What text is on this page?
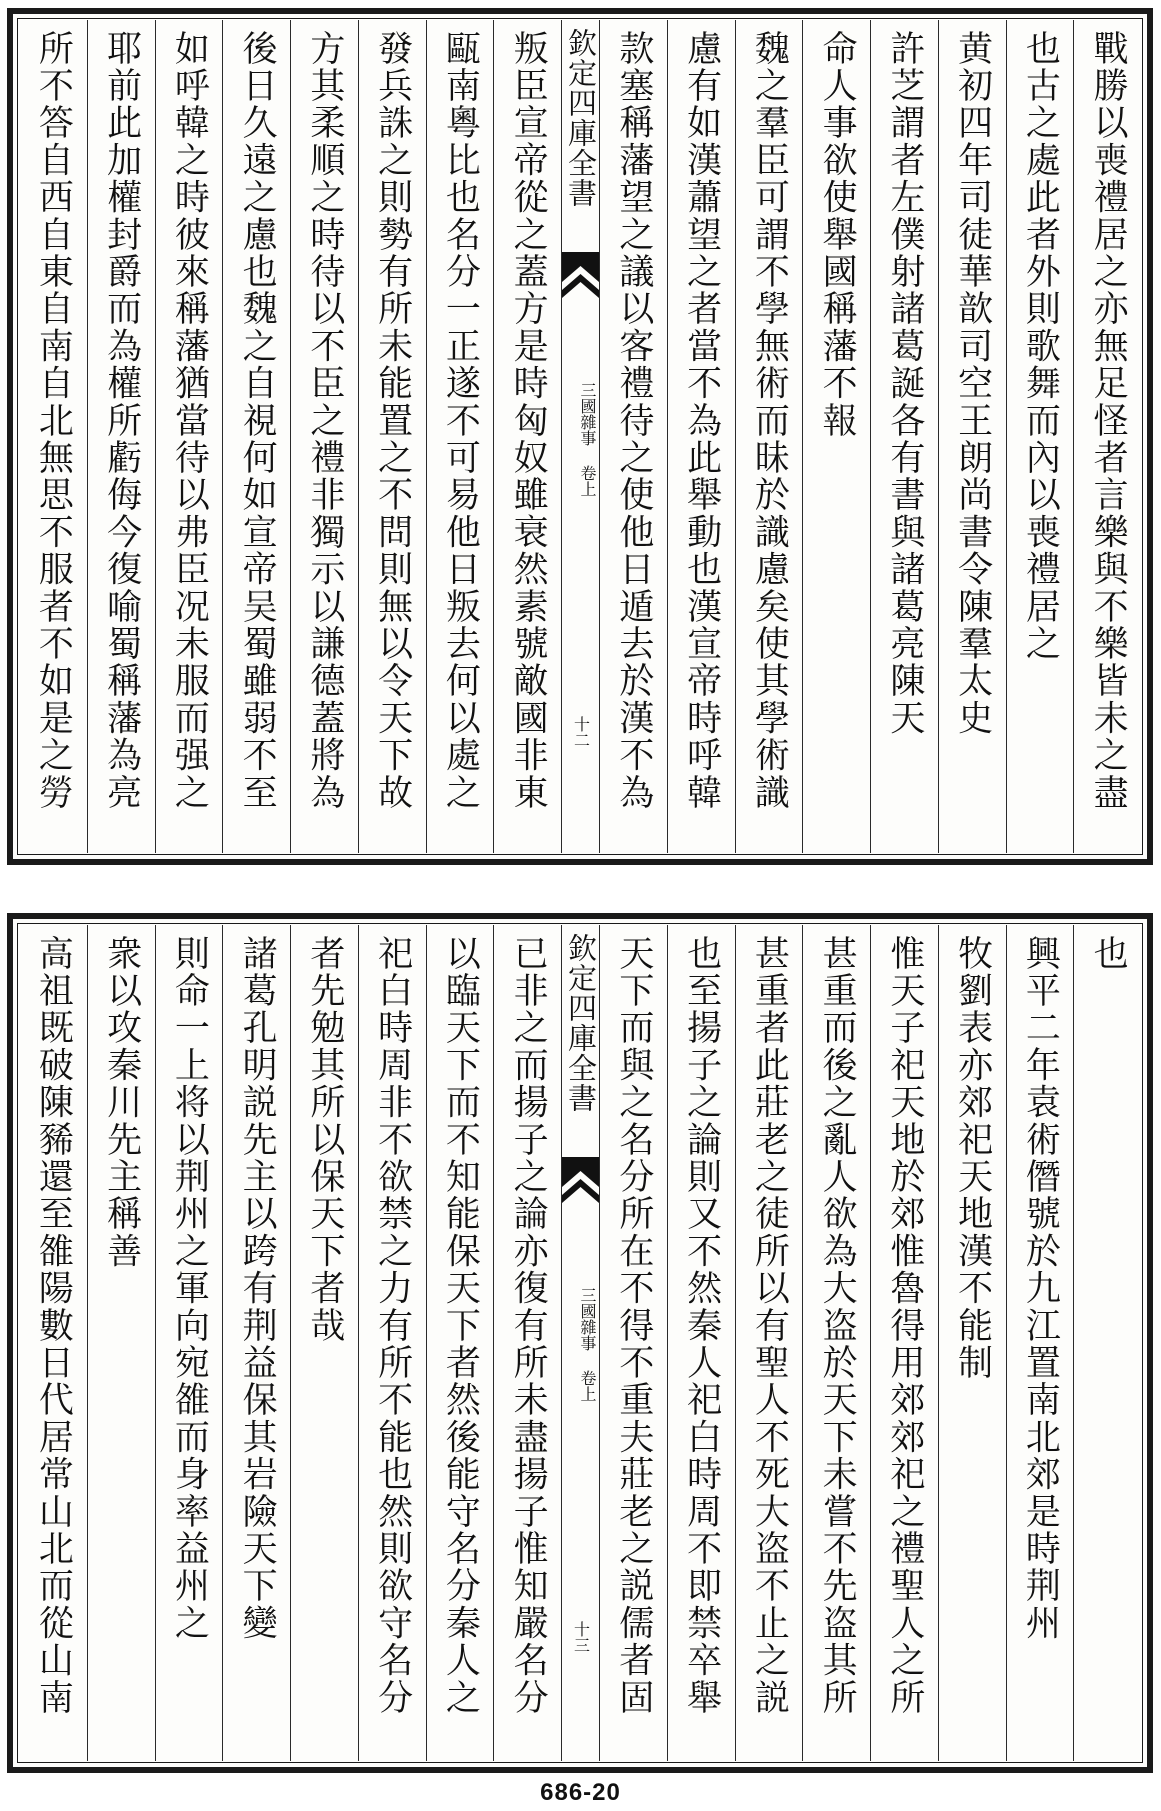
所不答自西自東自南自北無思不服者不如是之勞 耶前此加權封爵而為權所虧侮今復喻蜀稱藩為亮 如呼韓之時彼來稱藩猶當待以弗臣况未服而强之 後日久遠之慮也魏之自視何如宣帝吴蜀雖弱不至 方其柔順之時待以不臣之禮非獨示以謙德蓋將為 發兵誅之則勢有所未能置之不問則無以令天下故 甌南粵比也名分一正遂不可易他日叛去何以處之 叛臣宣帝從之蓋方是時匈奴雖衰然素號敵國非東 欽定四庫全書
三國雜事 卷上
十二 款塞稱藩望之議以客禮待之使他日遁去於漢不為 慮有如漢蕭望之者當不為此舉動也漢宣帝時呼韓 魏之羣臣可謂不學無術而昧於識慮矣使其學術識 命人事欲使舉國稱藩不報 許芝謂者左僕射諸葛誕各有書與諸葛亮陳天 黄初四年司徒華歆司空王朗尚書令陳羣太史 也古之處此者外則歌舞而內以喪禮居之 戰勝以喪禮居之亦無足怪者言樂與不樂皆未之盡
高祖既破陳豨還至雒陽數日代居常山北而從山南 衆以攻秦川先主稱善 則命一上将以荆州之軍向宛雒而身率益州之 諸葛孔明説先主以跨有荆益保其岩險天下變 者先勉其所以保天下者哉 祀白時周非不欲禁之力有所不能也然則欲守名分 以臨天下而不知能保天下者然後能守名分秦人之 已非之而揚子之論亦復有所未盡揚子惟知嚴名分 欽定四庫全書
三國雜事 卷上
十三 天下而與之名分所在不得不重夫莊老之説儒者固 也至揚子之論則又不然秦人祀白時周不即禁卒舉 甚重者此莊老之徒所以有聖人不死大盗不止之説 甚重而後之亂人欲為大盗於天下未嘗不先盗其所 惟天子祀天地於郊惟魯得用郊郊祀之禮聖人之所 牧劉表亦郊祀天地漢不能制 興平二年袁術僭號於九江置南北郊是時荆州 也
686-20
